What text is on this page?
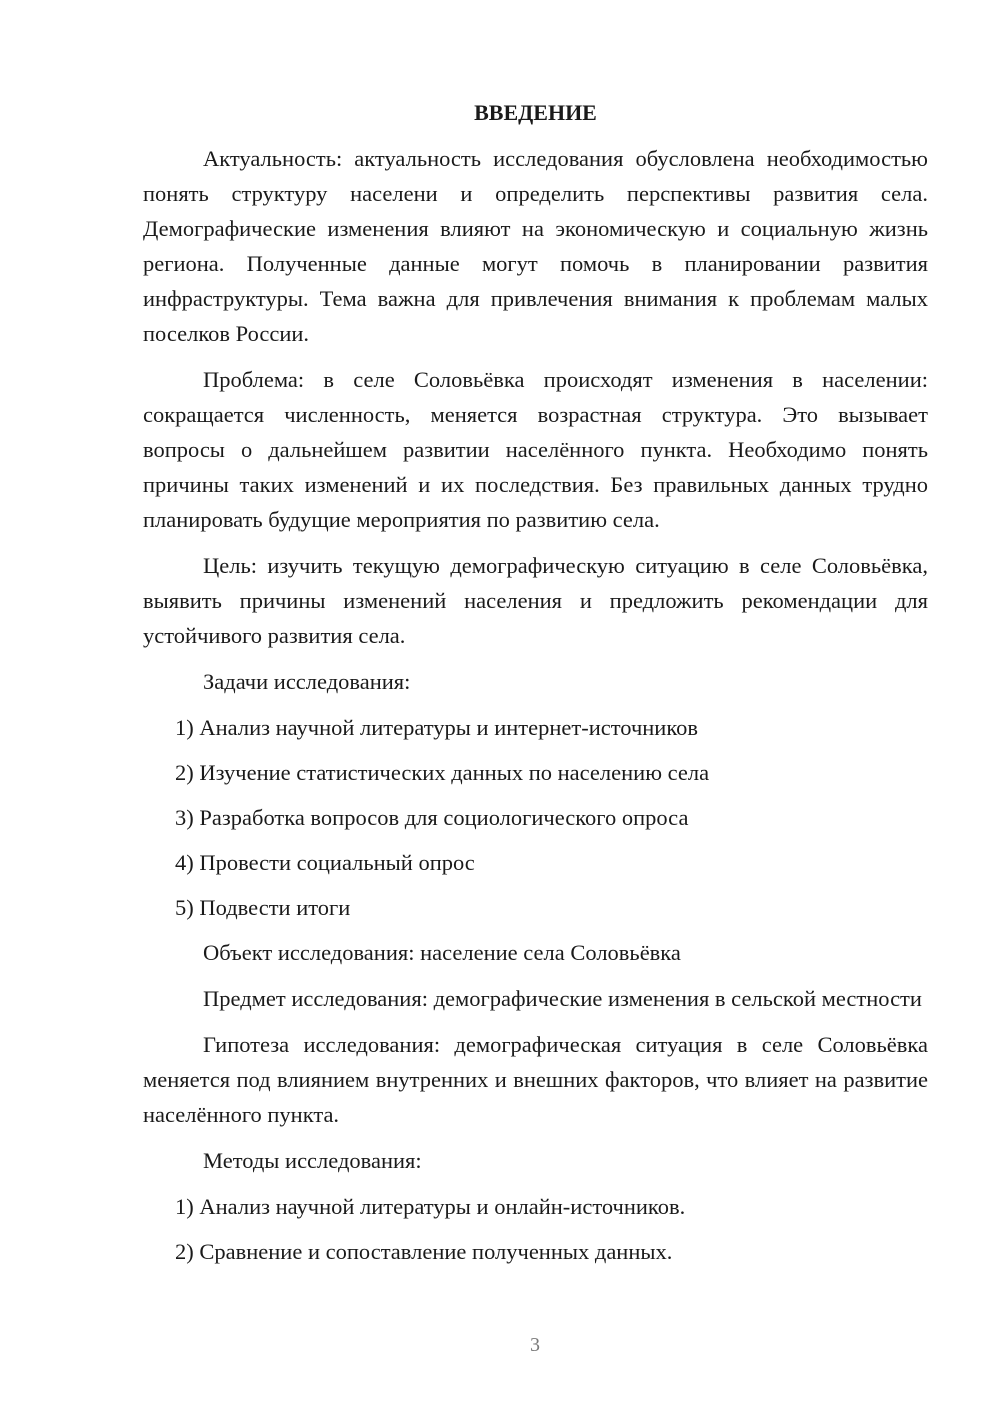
ВВЕДЕНИЕ

Актуальность: актуальность исследования обусловлена необходимостью понять структуру населени и определить перспективы развития села. Демографические изменения влияют на экономическую и социальную жизнь региона. Полученные данные могут помочь в планировании развития инфраструктуры. Тема важна для привлечения внимания к проблемам малых поселков России.

Проблема: в селе Соловьёвка происходят изменения в населении: сокращается численность, меняется возрастная структура. Это вызывает вопросы о дальнейшем развитии населённого пункта. Необходимо понять причины таких изменений и их последствия. Без правильных данных трудно планировать будущие мероприятия по развитию села.

Цель: изучить текущую демографическую ситуацию в селе Соловьёвка, выявить причины изменений населения и предложить рекомендации для устойчивого развития села.

Задачи исследования:

1) Анализ научной литературы и интернет-источников
2) Изучение статистических данных по населению села
3) Разработка вопросов для социологического опроса
4) Провести социальный опрос
5) Подвести итоги

Объект исследования: население села Соловьёвка

Предмет исследования: демографические изменения в сельской местности

Гипотеза исследования: демографическая ситуация в селе Соловьёвка меняется под влиянием внутренних и внешних факторов, что влияет на развитие населённого пункта.

Методы исследования:

1) Анализ научной литературы и онлайн-источников.
2) Сравнение и сопоставление полученных данных.
3
